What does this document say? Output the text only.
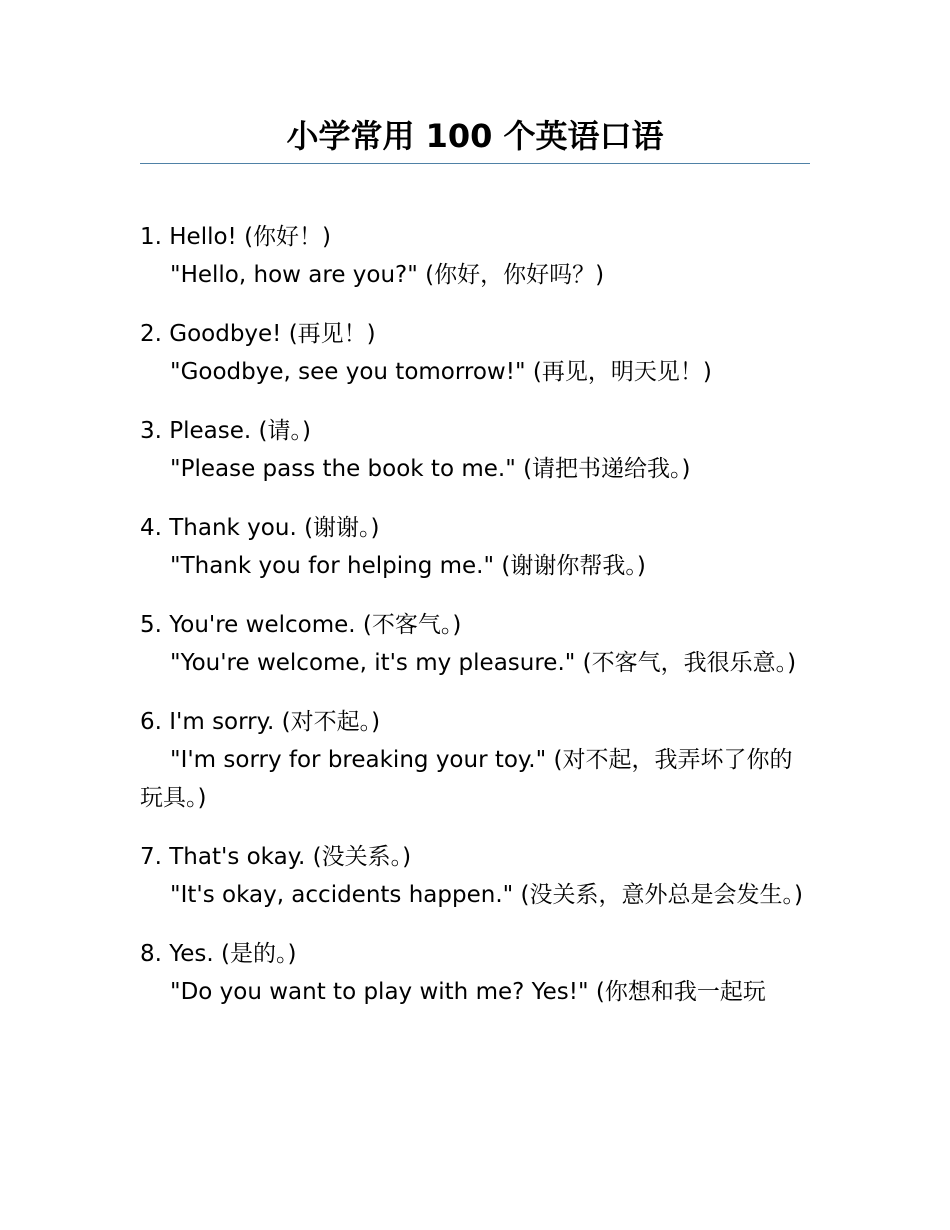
小学常用 100 个英语口语

1. Hello! (你好！)

"Hello, how are you?" (你好，你好吗？)

2. Goodbye! (再见！)

"Goodbye, see you tomorrow!" (再见，明天见！)

3. Please. (请。)

"Please pass the book to me." (请把书递给我。)

4. Thank you. (谢谢。)

"Thank you for helping me." (谢谢你帮我。)

5. You're welcome. (不客气。)

"You're welcome, it's my pleasure." (不客气，我很乐意。)

6. I'm sorry. (对不起。)

"I'm sorry for breaking your toy." (对不起，我弄坏了你的玩具。)

7. That's okay. (没关系。)

"It's okay, accidents happen." (没关系，意外总是会发生。)

8. Yes. (是的。)

"Do you want to play with me? Yes!" (你想和我一起玩
